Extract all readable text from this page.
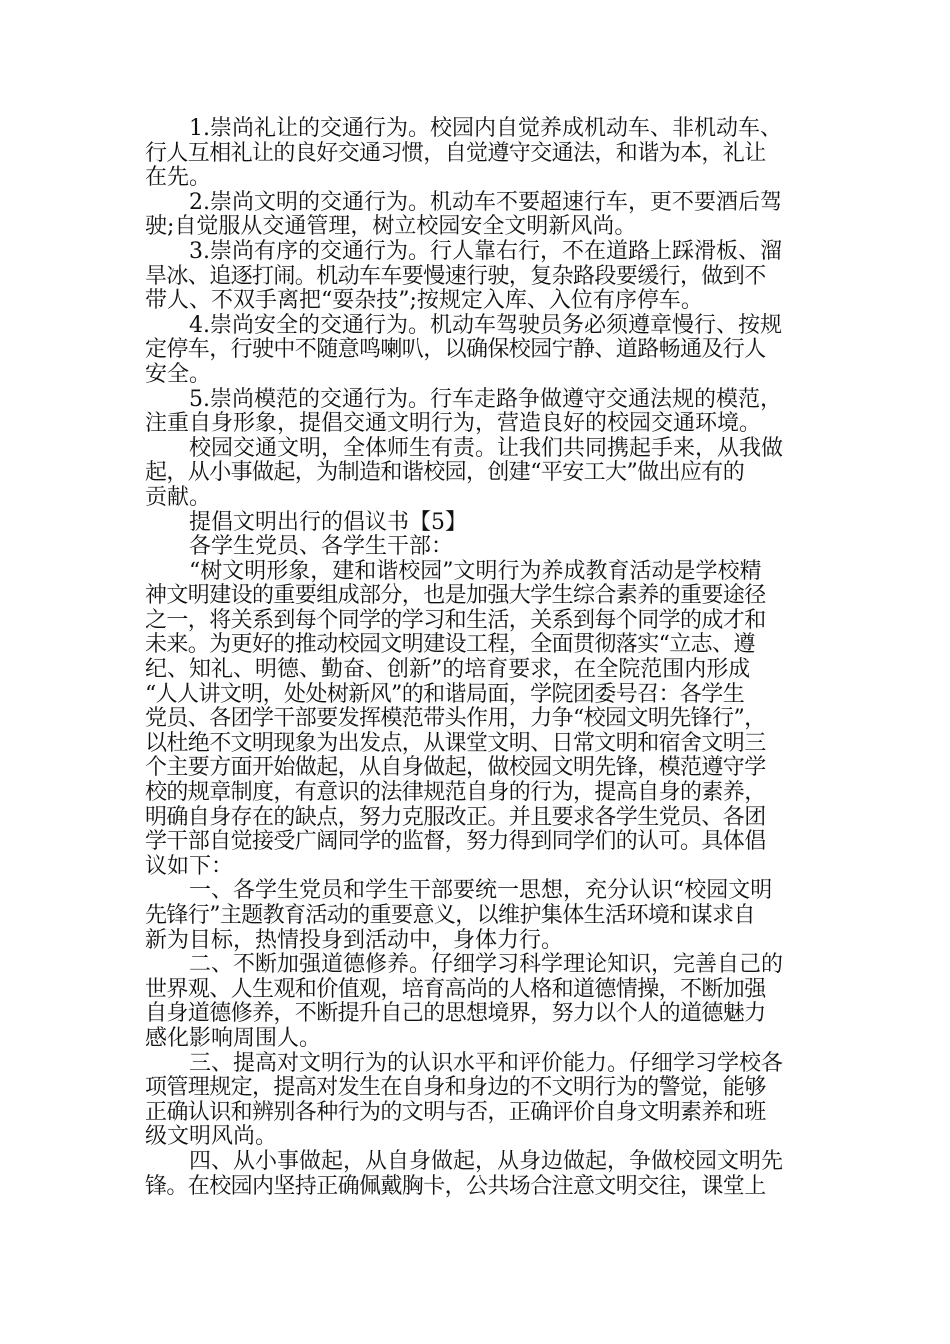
1.崇尚礼让的交通行为。校园内自觉养成机动车、非机动车、
行人互相礼让的良好交通习惯，自觉遵守交通法，和谐为本，礼让
在先。
2.崇尚文明的交通行为。机动车不要超速行车，更不要酒后驾
驶;自觉服从交通管理，树立校园安全文明新风尚。
3.崇尚有序的交通行为。行人靠右行，不在道路上踩滑板、溜
旱冰、追逐打闹。机动车车要慢速行驶，复杂路段要缓行，做到不
带人、不双手离把“耍杂技”;按规定入库、入位有序停车。
4.崇尚安全的交通行为。机动车驾驶员务必须遵章慢行、按规
定停车，行驶中不随意鸣喇叭，以确保校园宁静、道路畅通及行人
安全。
5.崇尚模范的交通行为。行车走路争做遵守交通法规的模范，
注重自身形象，提倡交通文明行为，营造良好的校园交通环境。
校园交通文明，全体师生有责。让我们共同携起手来，从我做
起，从小事做起，为制造和谐校园，创建“平安工大”做出应有的
贡献。
提倡文明出行的倡议书【5】
各学生党员、各学生干部：
“树文明形象，建和谐校园”文明行为养成教育活动是学校精
神文明建设的重要组成部分，也是加强大学生综合素养的重要途径
之一，将关系到每个同学的学习和生活，关系到每个同学的成才和
未来。为更好的推动校园文明建设工程，全面贯彻落实“立志、遵
纪、知礼、明德、勤奋、创新”的培育要求，在全院范围内形成
“人人讲文明，处处树新风”的和谐局面，学院团委号召：各学生
党员、各团学干部要发挥模范带头作用，力争“校园文明先锋行”，
以杜绝不文明现象为出发点，从课堂文明、日常文明和宿舍文明三
个主要方面开始做起，从自身做起，做校园文明先锋，模范遵守学
校的规章制度，有意识的法律规范自身的行为，提高自身的素养，
明确自身存在的缺点，努力克服改正。并且要求各学生党员、各团
学干部自觉接受广阔同学的监督，努力得到同学们的认可。具体倡
议如下：
一、各学生党员和学生干部要统一思想，充分认识“校园文明
先锋行”主题教育活动的重要意义，以维护集体生活环境和谋求自
新为目标，热情投身到活动中，身体力行。
二、不断加强道德修养。仔细学习科学理论知识，完善自己的
世界观、人生观和价值观，培育高尚的人格和道德情操，不断加强
自身道德修养，不断提升自己的思想境界，努力以个人的道德魅力
感化影响周围人。
三、提高对文明行为的认识水平和评价能力。仔细学习学校各
项管理规定，提高对发生在自身和身边的不文明行为的警觉，能够
正确认识和辨别各种行为的文明与否，正确评价自身文明素养和班
级文明风尚。
四、从小事做起，从自身做起，从身边做起，争做校园文明先
锋。在校园内坚持正确佩戴胸卡，公共场合注意文明交往，课堂上
